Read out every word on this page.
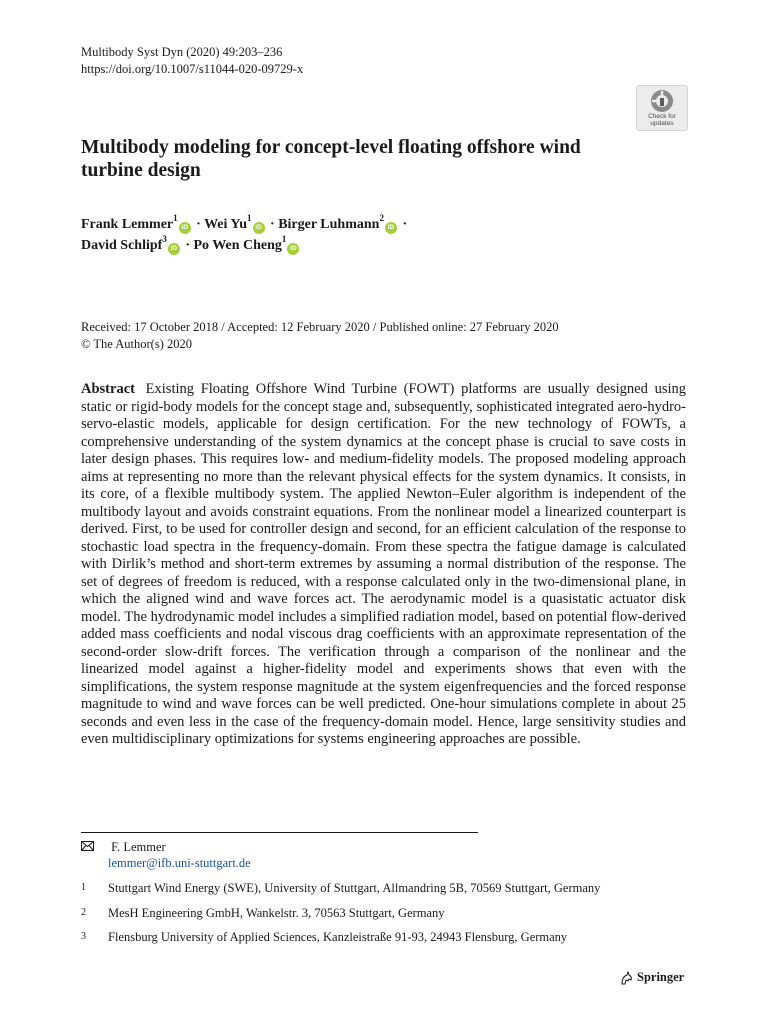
Multibody Syst Dyn (2020) 49:203–236
https://doi.org/10.1007/s11044-020-09729-x
Check for
updates
Multibody modeling for concept-level floating offshore wind turbine design
Frank Lemmer$^1$iD · Wei $Yu^1iD$ · Birger Luhmann$^2$iD ·
David Schlipf$^3$iD · Po Wen Cheng$^1$iD
Received: 17 October 2018 / Accepted: 12 February 2020 / Published online: 27 February 2020
© The Author(s) 2020
Abstract Existing Floating Offshore Wind Turbine (FOWT) platforms are usually designed using static or rigid-body models for the concept stage and, subsequently, sophisticated integrated aero-hydro-servo-elastic models, applicable for design certification. For the new technology of FOWTs, a comprehensive understanding of the system dynamics at the concept phase is crucial to save costs in later design phases. This requires low- and medium-fidelity models. The proposed modeling approach aims at representing no more than the relevant physical effects for the system dynamics. It consists, in its core, of a flexible multibody system. The applied Newton–Euler algorithm is independent of the multibody layout and avoids constraint equations. From the nonlinear model a linearized counterpart is derived. First, to be used for controller design and second, for an efficient calculation of the response to stochastic load spectra in the frequency-domain. From these spectra the fatigue damage is calculated with Dirlik’s method and short-term extremes by assuming a normal distribution of the response. The set of degrees of freedom is reduced, with a response calculated only in the two-dimensional plane, in which the aligned wind and wave forces act. The aerodynamic model is a quasistatic actuator disk model. The hydrodynamic model includes a simplified radiation model, based on potential flow-derived added mass coefficients and nodal viscous drag coefficients with an approximate representation of the second-order slow-drift forces. The verification through a comparison of the nonlinear and the linearized model against a higher-fidelity model and experiments shows that even with the simplifications, the system response magnitude at the system eigenfrequencies and the forced response magnitude to wind and wave forces can be well predicted. One-hour simulations complete in about 25 seconds and even less in the case of the frequency-domain model. Hence, large sensitivity studies and even multidisciplinary optimizations for systems engineering approaches are possible.
F. Lemmer
lemmer@ifb.uni-stuttgart.de
1 Stuttgart Wind Energy (SWE), University of Stuttgart, Allmandring 5B, 70569 Stuttgart, Germany
2 MesH Engineering GmbH, Wankelstr. 3, 70563 Stuttgart, Germany
3 Flensburg University of Applied Sciences, Kanzleistraße 91-93, 24943 Flensburg, Germany
Springer
